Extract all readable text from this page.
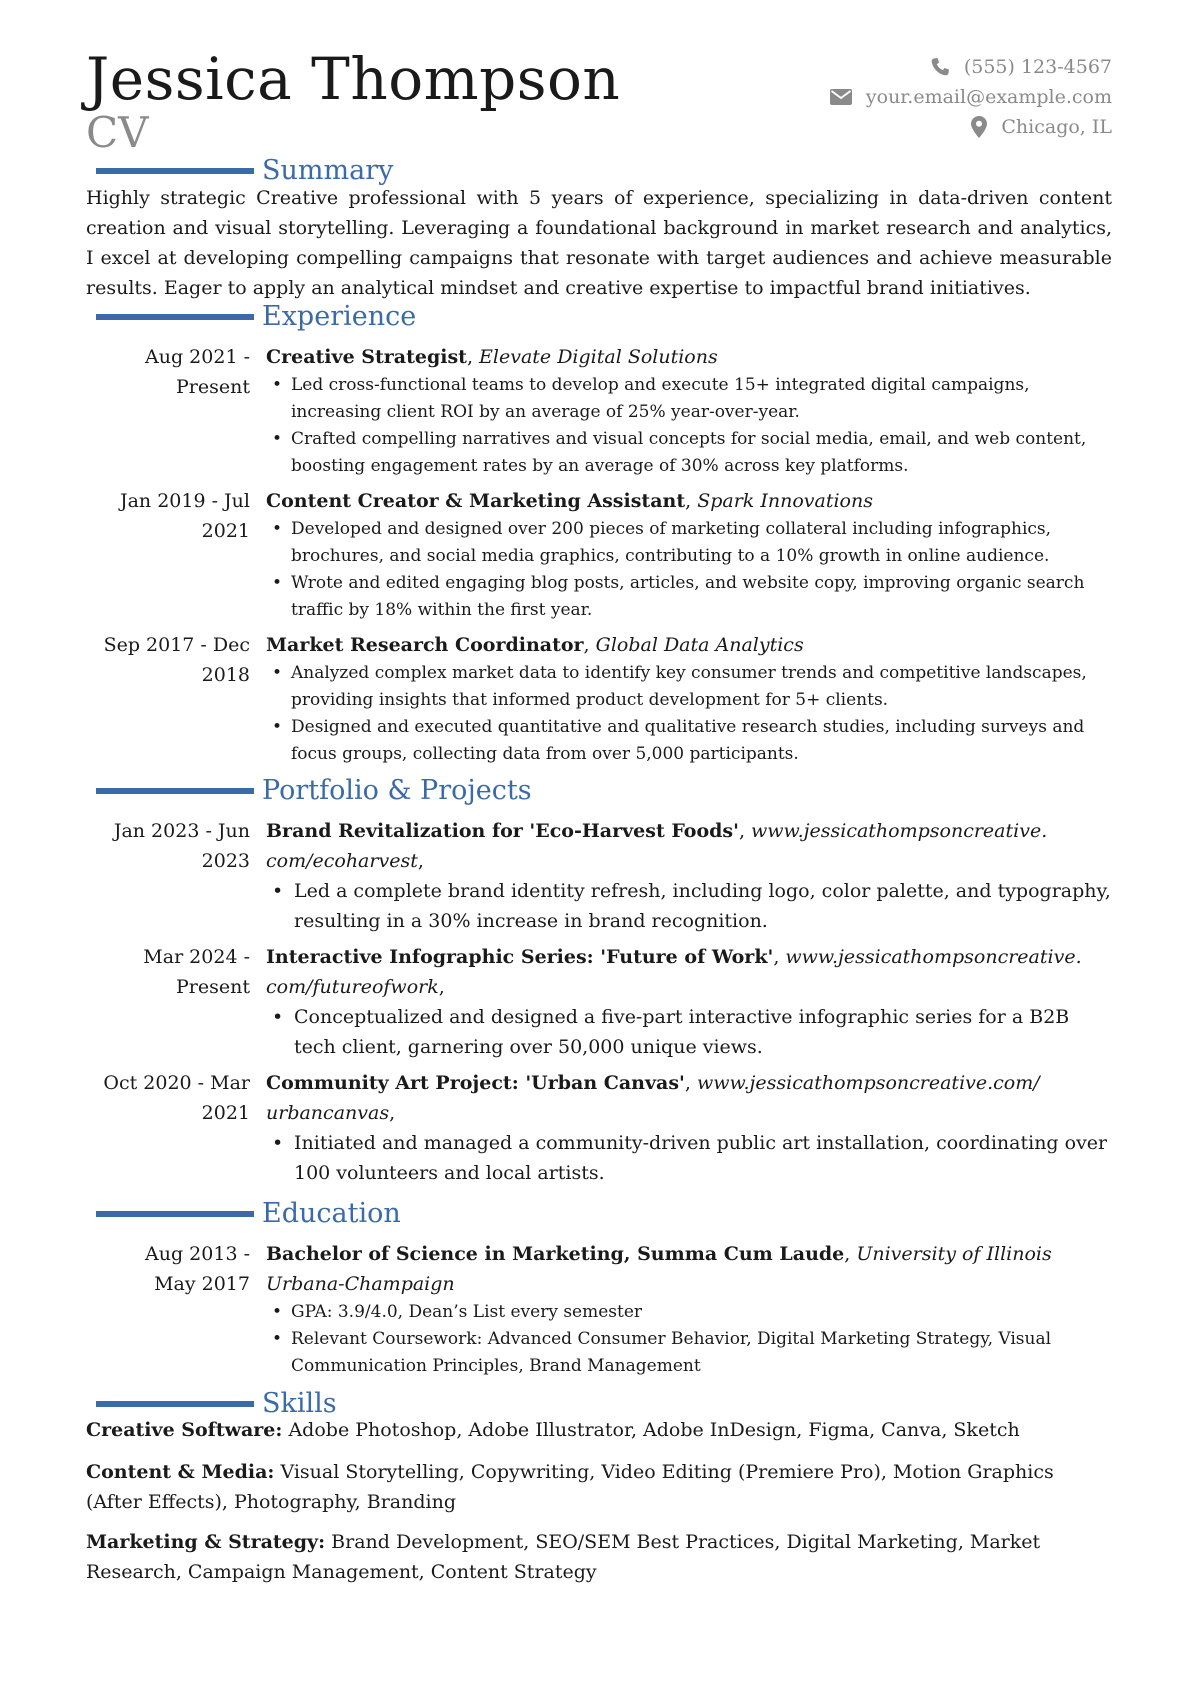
Jessica Thompson
CV
(555) 123-4567
your.email@example.com
Chicago, IL
Summary
Highly strategic Creative professional with 5 years of experience, specializing in data-driven content creation and visual storytelling. Leveraging a foundational background in market research and analytics, I excel at developing compelling campaigns that resonate with target audiences and achieve measurable results. Eager to apply an analytical mindset and creative expertise to impactful brand initiatives.
Experience
Aug 2021 -
Present
Creative Strategist, Elevate Digital Solutions
• Led cross-functional teams to develop and execute 15+ integrated digital campaigns, increasing client ROI by an average of 25% year-over-year.
• Crafted compelling narratives and visual concepts for social media, email, and web content, boosting engagement rates by an average of 30% across key platforms.
Jan 2019 - Jul
2021
Content Creator & Marketing Assistant, Spark Innovations
• Developed and designed over 200 pieces of marketing collateral including infographics, brochures, and social media graphics, contributing to a 10% growth in online audience.
• Wrote and edited engaging blog posts, articles, and website copy, improving organic search traffic by 18% within the first year.
Sep 2017 - Dec
2018
Market Research Coordinator, Global Data Analytics
• Analyzed complex market data to identify key consumer trends and competitive landscapes, providing insights that informed product development for 5+ clients.
• Designed and executed quantitative and qualitative research studies, including surveys and focus groups, collecting data from over 5,000 participants.
Portfolio & Projects
Jan 2023 - Jun
2023
Brand Revitalization for 'Eco-Harvest Foods', www.jessicathompsoncreative.
com/ecoharvest,
• Led a complete brand identity refresh, including logo, color palette, and typography, resulting in a 30% increase in brand recognition.
Mar 2024 -
Present
Interactive Infographic Series: 'Future of Work', www.jessicathompsoncreative.
com/futureofwork,
• Conceptualized and designed a five-part interactive infographic series for a B2B tech client, garnering over 50,000 unique views.
Oct 2020 - Mar
2021
Community Art Project: 'Urban Canvas', www.jessicathompsoncreative.com/
urbancanvas,
• Initiated and managed a community-driven public art installation, coordinating over 100 volunteers and local artists.
Education
Aug 2013 -
May 2017
Bachelor of Science in Marketing, Summa Cum Laude, University of Illinois
Urbana-Champaign
• GPA: 3.9/4.0, Dean’s List every semester
• Relevant Coursework: Advanced Consumer Behavior, Digital Marketing Strategy, Visual Communication Principles, Brand Management
Skills
Creative Software: Adobe Photoshop, Adobe Illustrator, Adobe InDesign, Figma, Canva, Sketch
Content & Media: Visual Storytelling, Copywriting, Video Editing (Premiere Pro), Motion Graphics (After Effects), Photography, Branding
Marketing & Strategy: Brand Development, SEO/SEM Best Practices, Digital Marketing, Market Research, Campaign Management, Content Strategy
